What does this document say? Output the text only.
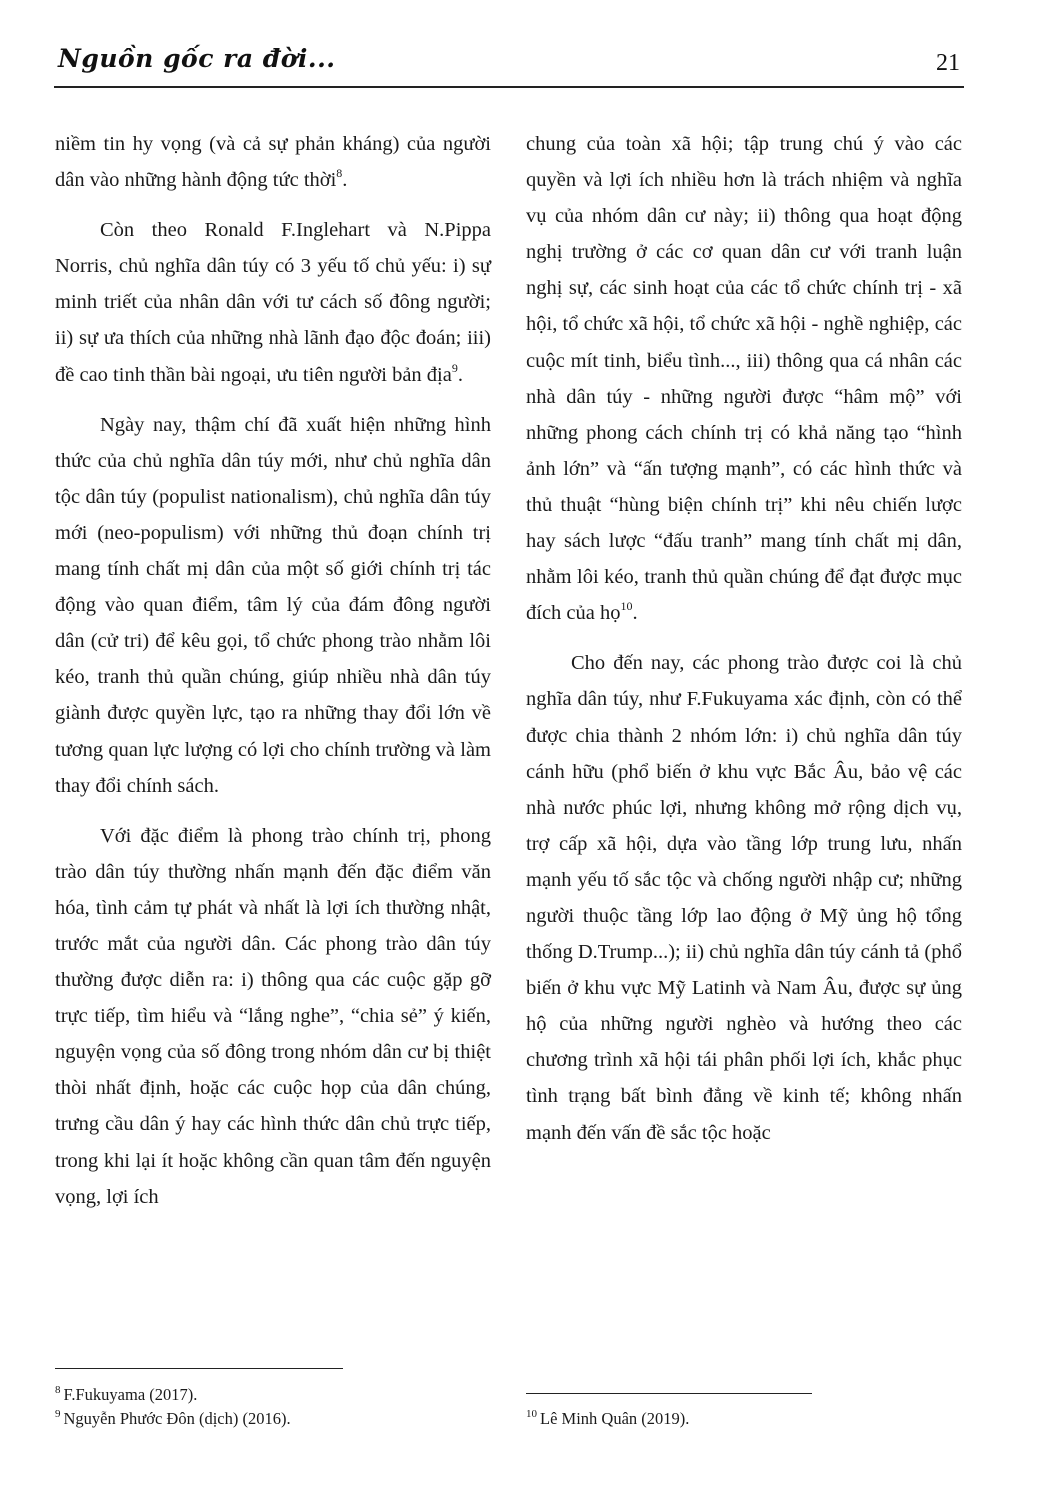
Nguồn gốc ra đời...	21

niềm tin hy vọng (và cả sự phản kháng) của người dân vào những hành động tức thời$^8$.

Còn theo Ronald F.Inglehart và N.Pippa Norris, chủ nghĩa dân túy có 3 yếu tố chủ yếu: i) sự minh triết của nhân dân với tư cách số đông người; ii) sự ưa thích của những nhà lãnh đạo độc đoán; iii) đề cao tinh thần bài ngoại, ưu tiên người bản địa$^9$.

Ngày nay, thậm chí đã xuất hiện những hình thức của chủ nghĩa dân túy mới, như chủ nghĩa dân tộc dân túy (populist nationalism), chủ nghĩa dân túy mới (neo-populism) với những thủ đoạn chính trị mang tính chất mị dân của một số giới chính trị tác động vào quan điểm, tâm lý của đám đông người dân (cử tri) để kêu gọi, tổ chức phong trào nhằm lôi kéo, tranh thủ quần chúng, giúp nhiều nhà dân túy giành được quyền lực, tạo ra những thay đổi lớn về tương quan lực lượng có lợi cho chính trường và làm thay đổi chính sách.

Với đặc điểm là phong trào chính trị, phong trào dân túy thường nhấn mạnh đến đặc điểm văn hóa, tình cảm tự phát và nhất là lợi ích thường nhật, trước mắt của người dân. Các phong trào dân túy thường được diễn ra: i) thông qua các cuộc gặp gỡ trực tiếp, tìm hiểu và “lắng nghe”, “chia sẻ” ý kiến, nguyện vọng của số đông trong nhóm dân cư bị thiệt thòi nhất định, hoặc các cuộc họp của dân chúng, trưng cầu dân ý hay các hình thức dân chủ trực tiếp, trong khi lại ít hoặc không cần quan tâm đến nguyện vọng, lợi ích

chung của toàn xã hội; tập trung chú ý vào các quyền và lợi ích nhiều hơn là trách nhiệm và nghĩa vụ của nhóm dân cư này; ii) thông qua hoạt động nghị trường ở các cơ quan dân cư với tranh luận nghị sự, các sinh hoạt của các tổ chức chính trị - xã hội, tổ chức xã hội, tổ chức xã hội - nghề nghiệp, các cuộc mít tinh, biểu tình..., iii) thông qua cá nhân các nhà dân túy - những người được “hâm mộ” với những phong cách chính trị có khả năng tạo “hình ảnh lớn” và “ấn tượng mạnh”, có các hình thức và thủ thuật “hùng biện chính trị” khi nêu chiến lược hay sách lược “đấu tranh” mang tính chất mị dân, nhằm lôi kéo, tranh thủ quần chúng để đạt được mục đích của họ$^{10}$.

Cho đến nay, các phong trào được coi là chủ nghĩa dân túy, như F.Fukuyama xác định, còn có thể được chia thành 2 nhóm lớn: i) chủ nghĩa dân túy cánh hữu (phổ biến ở khu vực Bắc Âu, bảo vệ các nhà nước phúc lợi, nhưng không mở rộng dịch vụ, trợ cấp xã hội, dựa vào tầng lớp trung lưu, nhấn mạnh yếu tố sắc tộc và chống người nhập cư; những người thuộc tầng lớp lao động ở Mỹ ủng hộ tổng thống D.Trump...); ii) chủ nghĩa dân túy cánh tả (phổ biến ở khu vực Mỹ Latinh và Nam Âu, được sự ủng hộ của những người nghèo và hướng theo các chương trình xã hội tái phân phối lợi ích, khắc phục tình trạng bất bình đẳng về kinh tế; không nhấn mạnh đến vấn đề sắc tộc hoặc

$^8$ F.Fukuyama (2017).
$^9$ Nguyễn Phước Đôn (dịch) (2016).	$^{10}$ Lê Minh Quân (2019).
